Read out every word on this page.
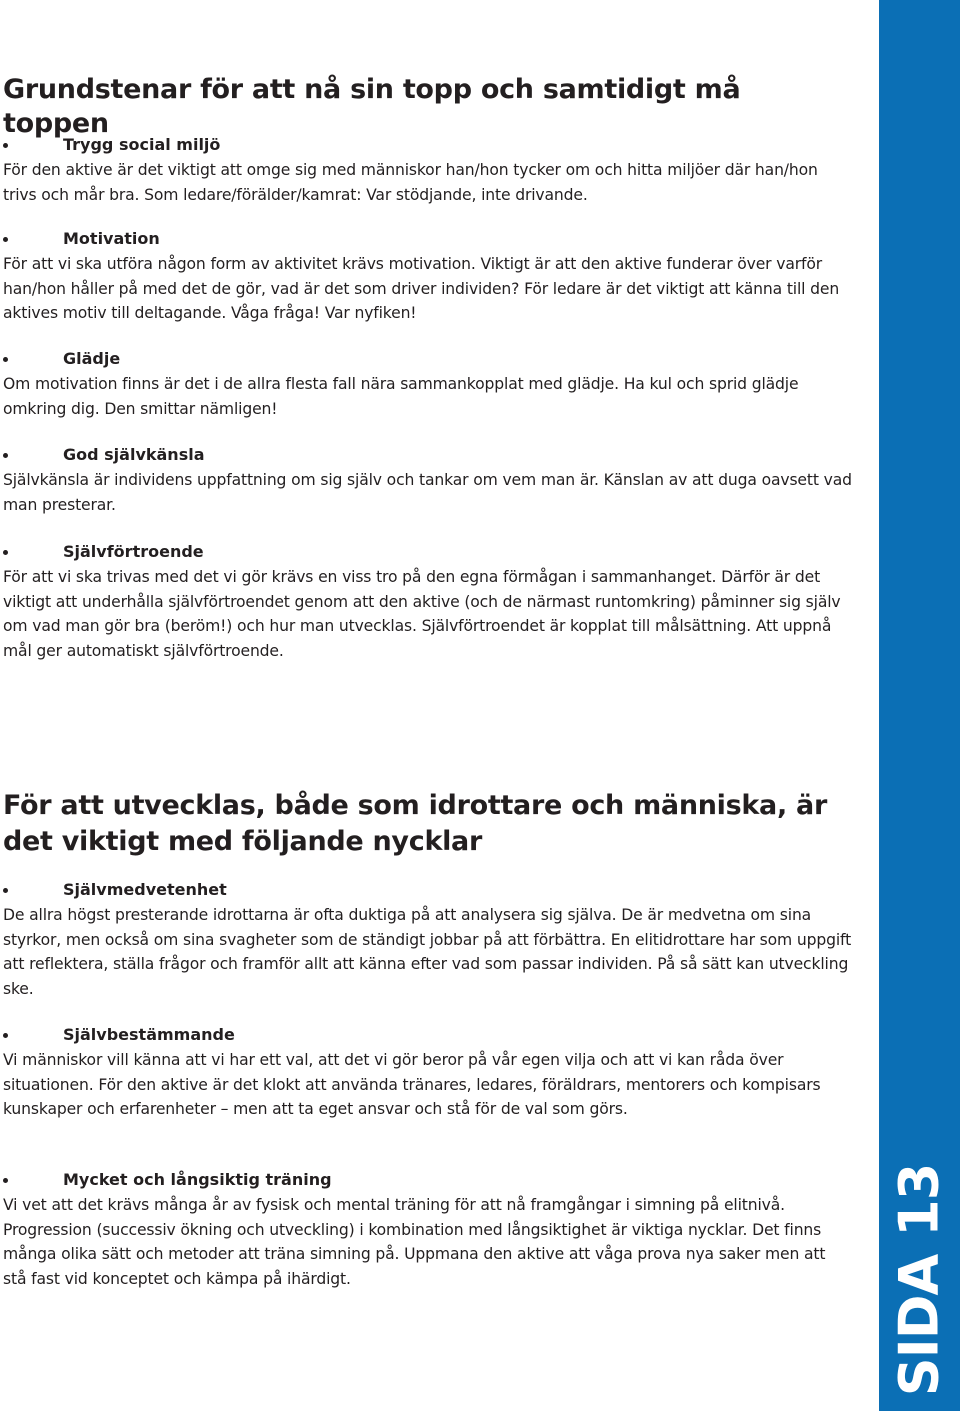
Grundstenar för att nå sin topp och samtidigt må toppen

Trygg social miljö

För den aktive är det viktigt att omge sig med människor han/hon tycker om och hitta miljöer där han/hon trivs och mår bra. Som ledare/förälder/kamrat: Var stödjande, inte drivande.

Motivation

För att vi ska utföra någon form av aktivitet krävs motivation. Viktigt är att den aktive funderar över varför han/hon håller på med det de gör, vad är det som driver individen? För ledare är det viktigt att känna till den aktives motiv till deltagande. Våga fråga! Var nyfiken!

Glädje

Om motivation finns är det i de allra flesta fall nära sammankopplat med glädje. Ha kul och sprid glädje omkring dig. Den smittar nämligen!

God självkänsla

Självkänsla är individens uppfattning om sig själv och tankar om vem man är. Känslan av att duga oavsett vad man presterar.

Självförtroende

För att vi ska trivas med det vi gör krävs en viss tro på den egna förmågan i sammanhanget. Därför är det viktigt att underhålla självförtroendet genom att den aktive (och de närmast runtomkring) påminner sig själv om vad man gör bra (beröm!) och hur man utvecklas. Självförtroendet är kopplat till målsättning. Att uppnå mål ger automatiskt självförtroende.

För att utvecklas, både som idrottare och människa, är det viktigt med följande nycklar

Självmedvetenhet

De allra högst presterande idrottarna är ofta duktiga på att analysera sig själva. De är medvetna om sina styrkor, men också om sina svagheter som de ständigt jobbar på att förbättra. En elitidrottare har som uppgift att reflektera, ställa frågor och framför allt att känna efter vad som passar individen. På så sätt kan utveckling ske.

Självbestämmande

Vi människor vill känna att vi har ett val, att det vi gör beror på vår egen vilja och att vi kan råda över situationen. För den aktive är det klokt att använda tränares, ledares, föräldrars, mentorers och kompisars kunskaper och erfarenheter – men att ta eget ansvar och stå för de val som görs.

Mycket och långsiktig träning

Vi vet att det krävs många år av fysisk och mental träning för att nå framgångar i simning på elitnivå. Progression (successiv ökning och utveckling) i kombination med långsiktighet är viktiga nycklar. Det finns många olika sätt och metoder att träna simning på. Uppmana den aktive att våga prova nya saker men att stå fast vid konceptet och kämpa på ihärdigt.	SIDA 13
